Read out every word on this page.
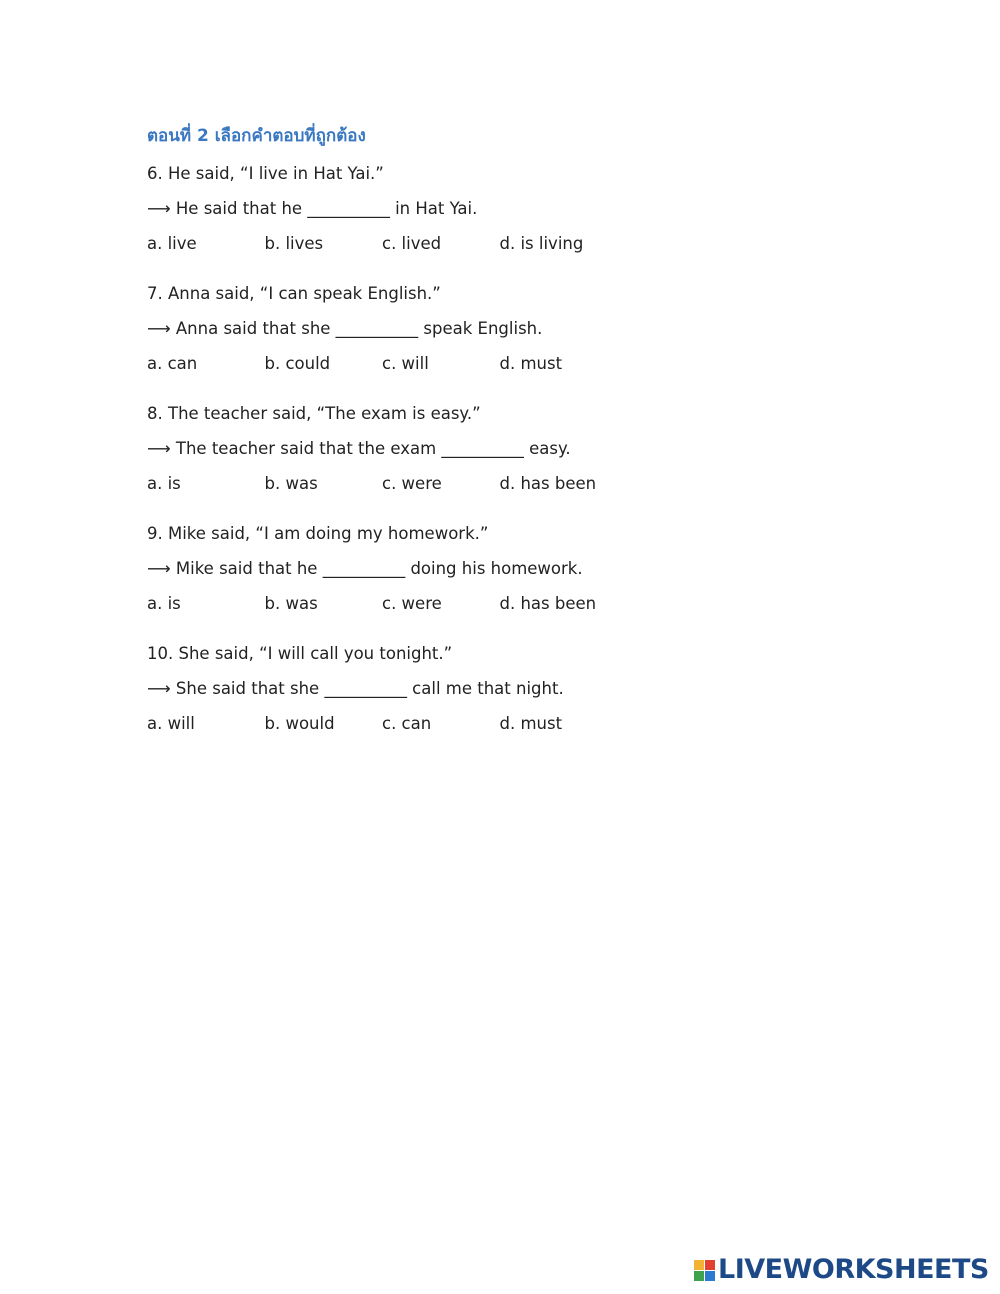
ตอนที่ 2 เลือกคำตอบที่ถูกต้อง
6. He said, “I live in Hat Yai.”
⟶ He said that he __________ in Hat Yai.
a. live	b. lives	c. lived	d. is living
7. Anna said, “I can speak English.”
⟶ Anna said that she __________ speak English.
a. can	b. could	c. will	d. must
8. The teacher said, “The exam is easy.”
⟶ The teacher said that the exam __________ easy.
a. is	b. was	c. were	d. has been
9. Mike said, “I am doing my homework.”
⟶ Mike said that he __________ doing his homework.
a. is	b. was	c. were	d. has been
10. She said, “I will call you tonight.”
⟶ She said that she __________ call me that night.
a. will	b. would	c. can	d. must
LIVEWORKSHEETS
